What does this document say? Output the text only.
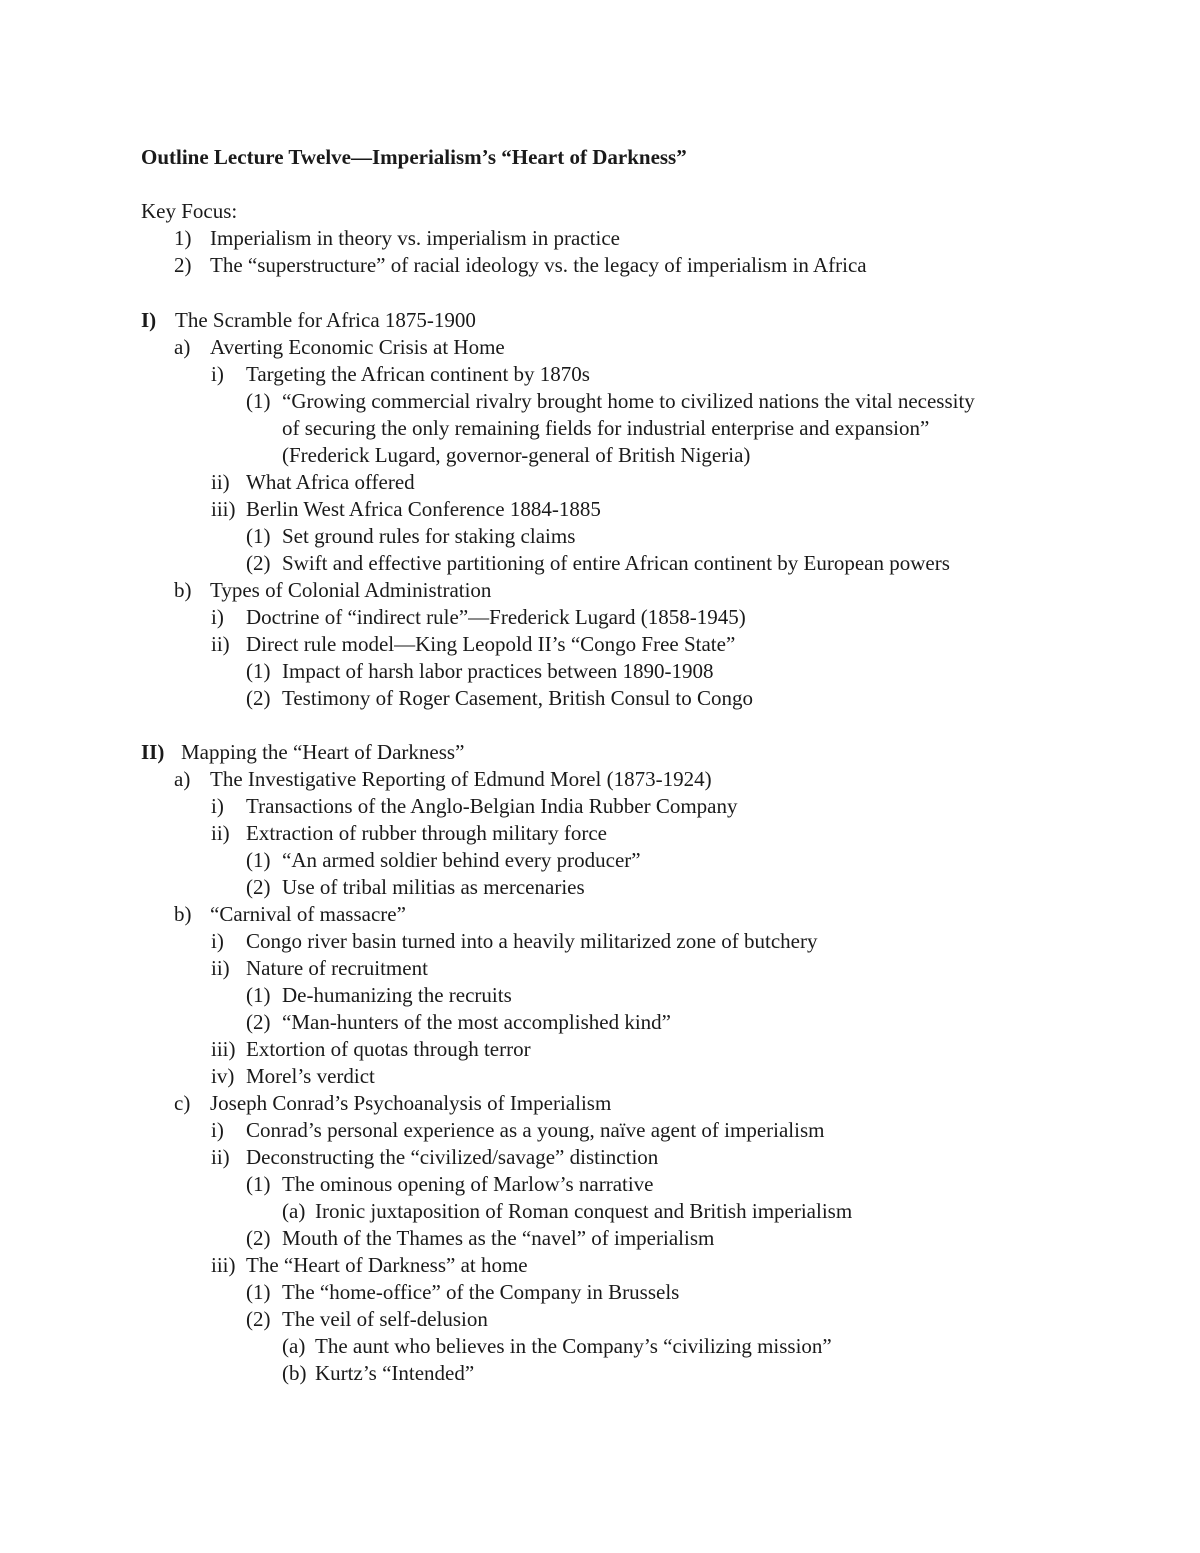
Outline Lecture Twelve—Imperialism’s “Heart of Darkness”
Key Focus:
1) Imperialism in theory vs. imperialism in practice
2) The “superstructure” of racial ideology vs. the legacy of imperialism in Africa
I) The Scramble for Africa 1875-1900
a) Averting Economic Crisis at Home
i) Targeting the African continent by 1870s
(1) “Growing commercial rivalry brought home to civilized nations the vital necessity
of securing the only remaining fields for industrial enterprise and expansion”
(Frederick Lugard, governor-general of British Nigeria)
ii) What Africa offered
iii) Berlin West Africa Conference 1884-1885
(1) Set ground rules for staking claims
(2) Swift and effective partitioning of entire African continent by European powers
b) Types of Colonial Administration
i) Doctrine of “indirect rule”—Frederick Lugard (1858-1945)
ii) Direct rule model—King Leopold II’s “Congo Free State”
(1) Impact of harsh labor practices between 1890-1908
(2) Testimony of Roger Casement, British Consul to Congo
II) Mapping the “Heart of Darkness”
a) The Investigative Reporting of Edmund Morel (1873-1924)
i) Transactions of the Anglo-Belgian India Rubber Company
ii) Extraction of rubber through military force
(1) “An armed soldier behind every producer”
(2) Use of tribal militias as mercenaries
b) “Carnival of massacre”
i) Congo river basin turned into a heavily militarized zone of butchery
ii) Nature of recruitment
(1) De-humanizing the recruits
(2) “Man-hunters of the most accomplished kind”
iii) Extortion of quotas through terror
iv) Morel’s verdict
c) Joseph Conrad’s Psychoanalysis of Imperialism
i) Conrad’s personal experience as a young, naïve agent of imperialism
ii) Deconstructing the “civilized/savage” distinction
(1) The ominous opening of Marlow’s narrative
(a) Ironic juxtaposition of Roman conquest and British imperialism
(2) Mouth of the Thames as the “navel” of imperialism
iii) The “Heart of Darkness” at home
(1) The “home-office” of the Company in Brussels
(2) The veil of self-delusion
(a) The aunt who believes in the Company’s “civilizing mission”
(b) Kurtz’s “Intended”
